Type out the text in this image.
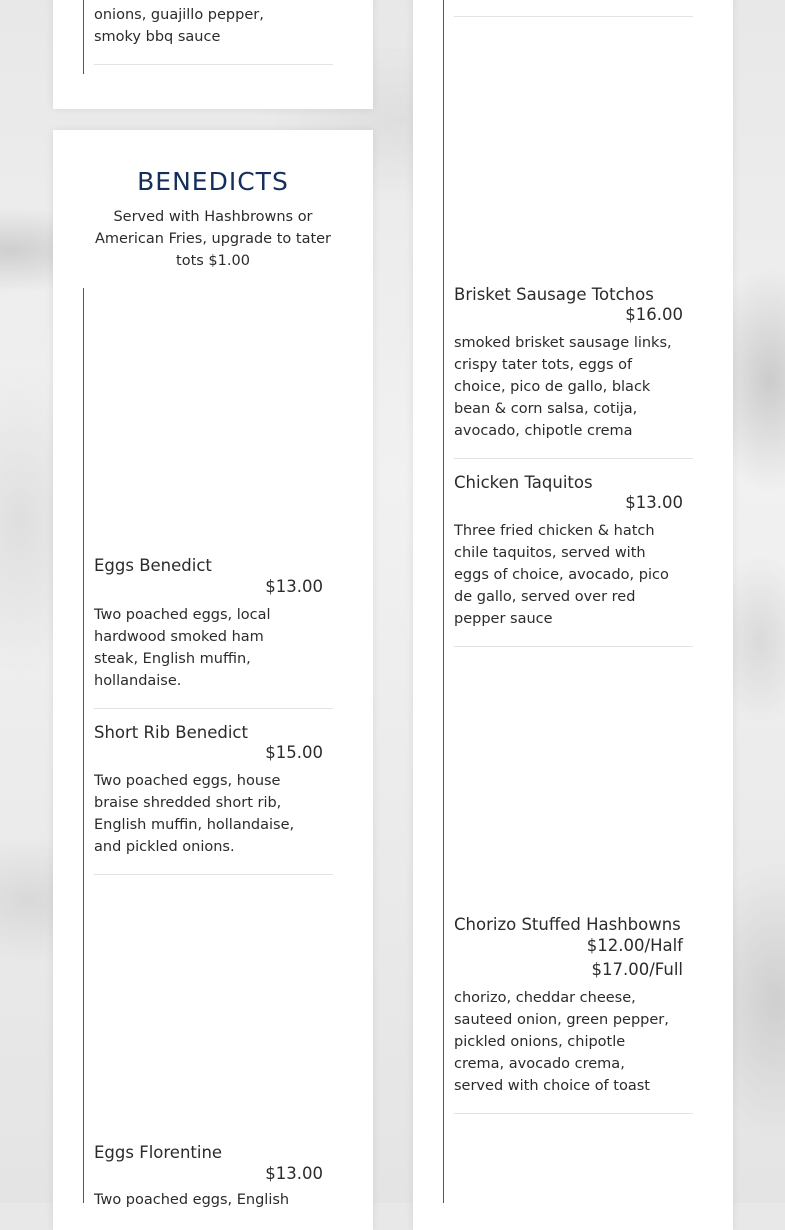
onions, guajillo pepper,
smoky bbq sauce
BENEDICTS
Served with Hashbrowns or American Fries, upgrade to tater tots $1.00
Eggs Benedict
$13.00
Two poached eggs, local hardwood smoked ham steak, English muffin, hollandaise.
Short Rib Benedict
$15.00
Two poached eggs, house braise shredded short rib, English muffin, hollandaise, and pickled onions.
Eggs Florentine
$13.00
Two poached eggs, English
Brisket Sausage Totchos
$16.00
smoked brisket sausage links, crispy tater tots, eggs of choice, pico de gallo, black bean & corn salsa, cotija, avocado, chipotle crema
Chicken Taquitos
$13.00
Three fried chicken & hatch chile taquitos, served with eggs of choice, avocado, pico de gallo, served over red pepper sauce
Chorizo Stuffed Hashbowns
$12.00/Half
$17.00/Full
chorizo, cheddar cheese, sauteed onion, green pepper, pickled onions, chipotle crema, avocado crema, served with choice of toast
